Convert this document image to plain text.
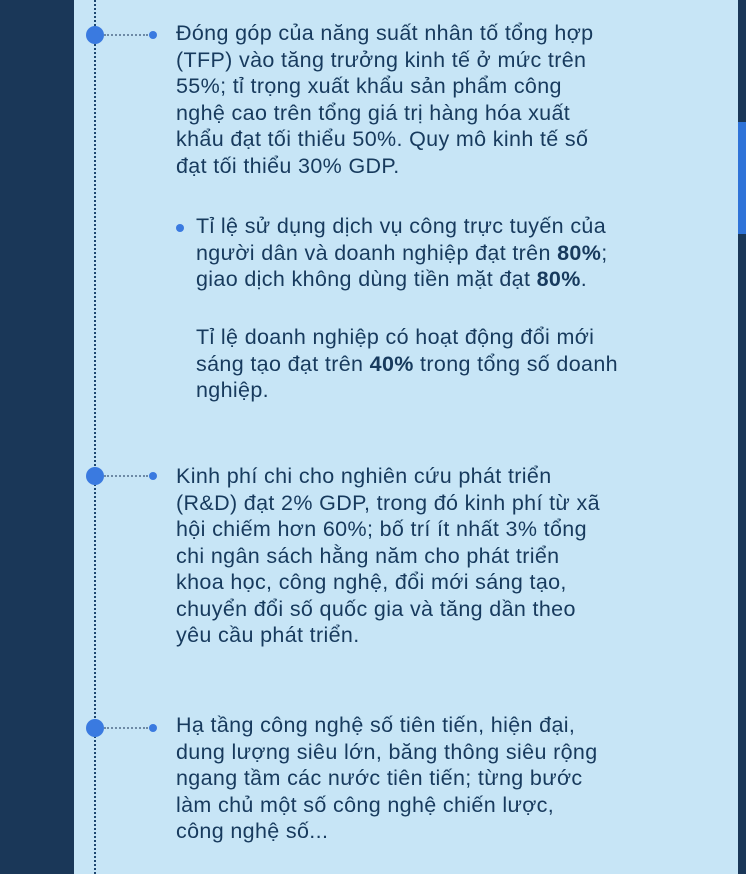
Đóng góp của năng suất nhân tố tổng hợp
(TFP) vào tăng trưởng kinh tế ở mức trên
55%; tỉ trọng xuất khẩu sản phẩm công
nghệ cao trên tổng giá trị hàng hóa xuất
khẩu đạt tối thiểu 50%. Quy mô kinh tế số
đạt tối thiểu 30% GDP.
Tỉ lệ sử dụng dịch vụ công trực tuyến của
người dân và doanh nghiệp đạt trên 80%;
giao dịch không dùng tiền mặt đạt 80%.
Tỉ lệ doanh nghiệp có hoạt động đổi mới
sáng tạo đạt trên 40% trong tổng số doanh
nghiệp.
Kinh phí chi cho nghiên cứu phát triển
(R&D) đạt 2% GDP, trong đó kinh phí từ xã
hội chiếm hơn 60%; bố trí ít nhất 3% tổng
chi ngân sách hằng năm cho phát triển
khoa học, công nghệ, đổi mới sáng tạo,
chuyển đổi số quốc gia và tăng dần theo
yêu cầu phát triển.
Hạ tầng công nghệ số tiên tiến, hiện đại,
dung lượng siêu lớn, băng thông siêu rộng
ngang tầm các nước tiên tiến; từng bước
làm chủ một số công nghệ chiến lược,
công nghệ số...
